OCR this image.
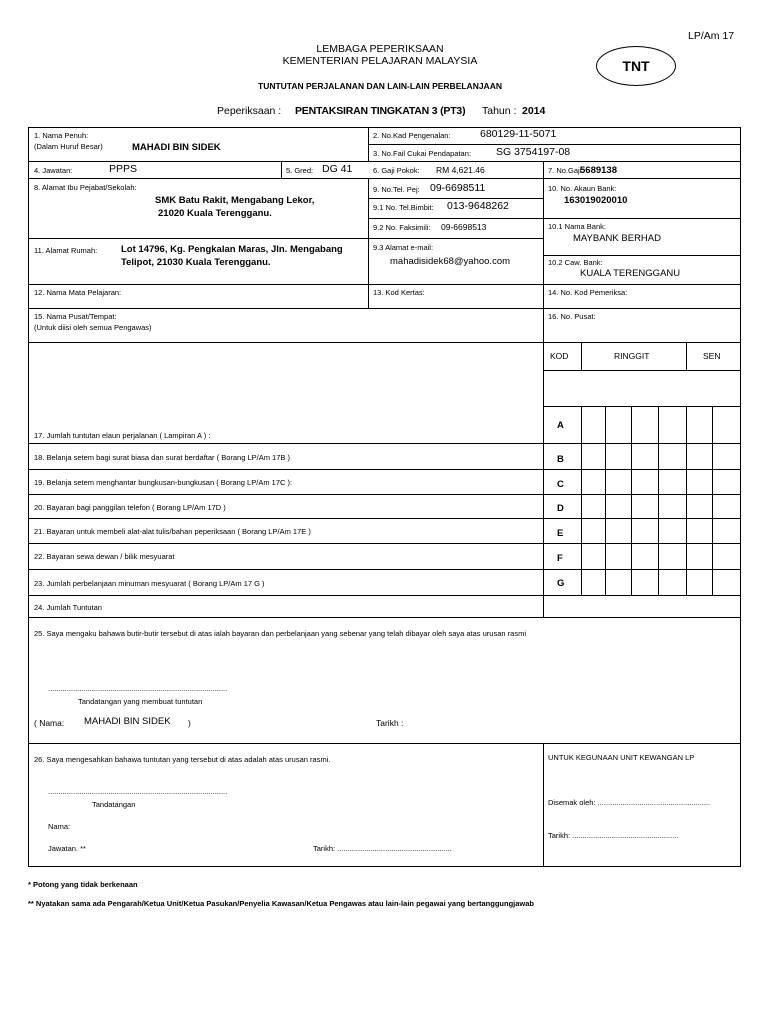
LP/Am 17
LEMBAGA PEPERIKSAAN
KEMENTERIAN PELAJARAN MALAYSIA	TNT
TUNTUTAN PERJALANAN DAN LAIN-LAIN PERBELANJAAN
Peperiksaan : PENTAKSIRAN TINGKATAN 3 (PT3) Tahun : 2014
1. Nama Penuh:
(Dalam Huruf Besar)	MAHADI BIN SIDEK
2. No.Kad Pengenalan:	680129-11-5071
3. No.Fail Cukai Pendapatan: SG 3754197-08
4. Jawatan:	PPPS	5. Gred: DG 41	6. Gaji Pokok: RM 4,621.46	7. No.Gaji:
5689138
8. Alamat Ibu Pejabat/Sekolah:
SMK Batu Rakit, Mengabang Lekor,
21020 Kuala Terengganu.
9. No.Tel. Pej: 09-6698511
9.1 No. Tel.Bimbit: 013-9648262
9.2 No. Faksimili: 09-6698513
10. No. Akaun Bank:
163019020010
10.1 Nama Bank:
MAYBANK BERHAD
11. Alamat Rumah:	Lot 14796, Kg. Pengkalan Maras, Jln. Mengabang
Telipot, 21030 Kuala Terengganu.
9.3 Alamat e-mail:
mahadisidek68@yahoo.com	10.2 Caw. Bank:
KUALA TERENGGANU
12. Nama Mata Pelajaran:	13. Kod Kertas:	14. No. Kod Pemeriksa:
15. Nama Pusat/Tempat:
(Untuk diisi oleh semua Pengawas)
16. No. Pusat:
KOD	RINGGIT	SEN
17. Jumlah tuntutan elaun perjalanan ( Lampiran A ) :
A
18. Belanja setem bagi surat biasa dan surat berdaftar ( Borang LP/Am 17B )	B
19. Belanja setem menghantar bungkusan-bungkusan ( Borang LP/Am 17C ):	C
20. Bayaran bagi panggilan telefon ( Borang LP/Am 17D )	D
21. Bayaran untuk membeli alat-alat tulis/bahan peperiksaan ( Borang LP/Am 17E )	E
22. Bayaran sewa dewan / bilik mesyuarat	F
23. Jumlah perbelanjaan minuman mesyuarat ( Borang LP/Am 17 G )	G
24. Jumlah Tuntutan
25. Saya mengaku bahawa butir-butir tersebut di atas ialah bayaran dan perbelanjaan yang sebenar yang telah dibayar oleh saya atas urusan rasmi
......................................................................................
Tandatangan yang membuat tuntutan
( Nama: MAHADI BIN SIDEK )	Tarikh :
26. Saya mengesahkan bahawa tuntutan yang tersebut di atas adalah atas urusan rasmi.
......................................................................................
Tandatangan
Nama:
Jawatan. **	Tarikh: .......................................................
UNTUK KEGUNAAN UNIT KEWANGAN LP
Disemak oleh: ......................................................
Tarikh: ...................................................
* Potong yang tidak berkenaan
** Nyatakan sama ada Pengarah/Ketua Unit/Ketua Pasukan/Penyelia Kawasan/Ketua Pengawas atau lain-lain pegawai yang bertanggungjawab
